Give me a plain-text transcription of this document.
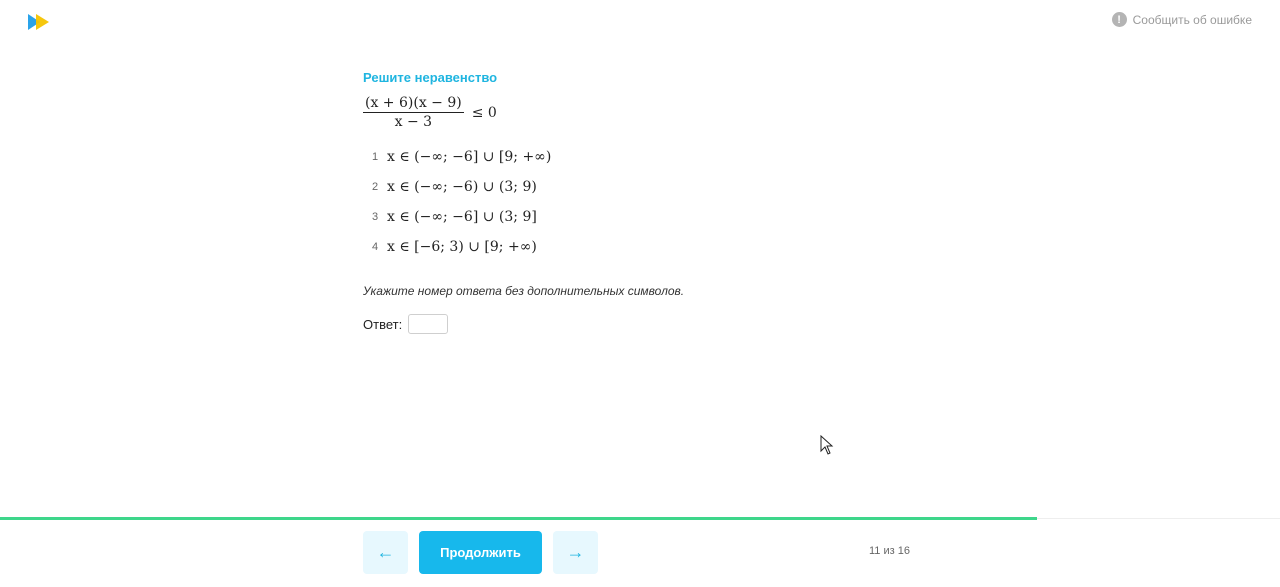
! Сообщить об ошибке
Решите неравенство
$\frac{(x + 6)(x - 9)}{x - 3} \le 0$
1 x ∈ (−∞; −6] ∪ [9; +∞)
2 x ∈ (−∞; −6) ∪ (3; 9)
3 x ∈ (−∞; −6] ∪ (3; 9]
4 x ∈ [−6; 3) ∪ [9; +∞)
Укажите номер ответа без дополнительных символов.
Ответ:
←	Продолжить	→	11 из 16
